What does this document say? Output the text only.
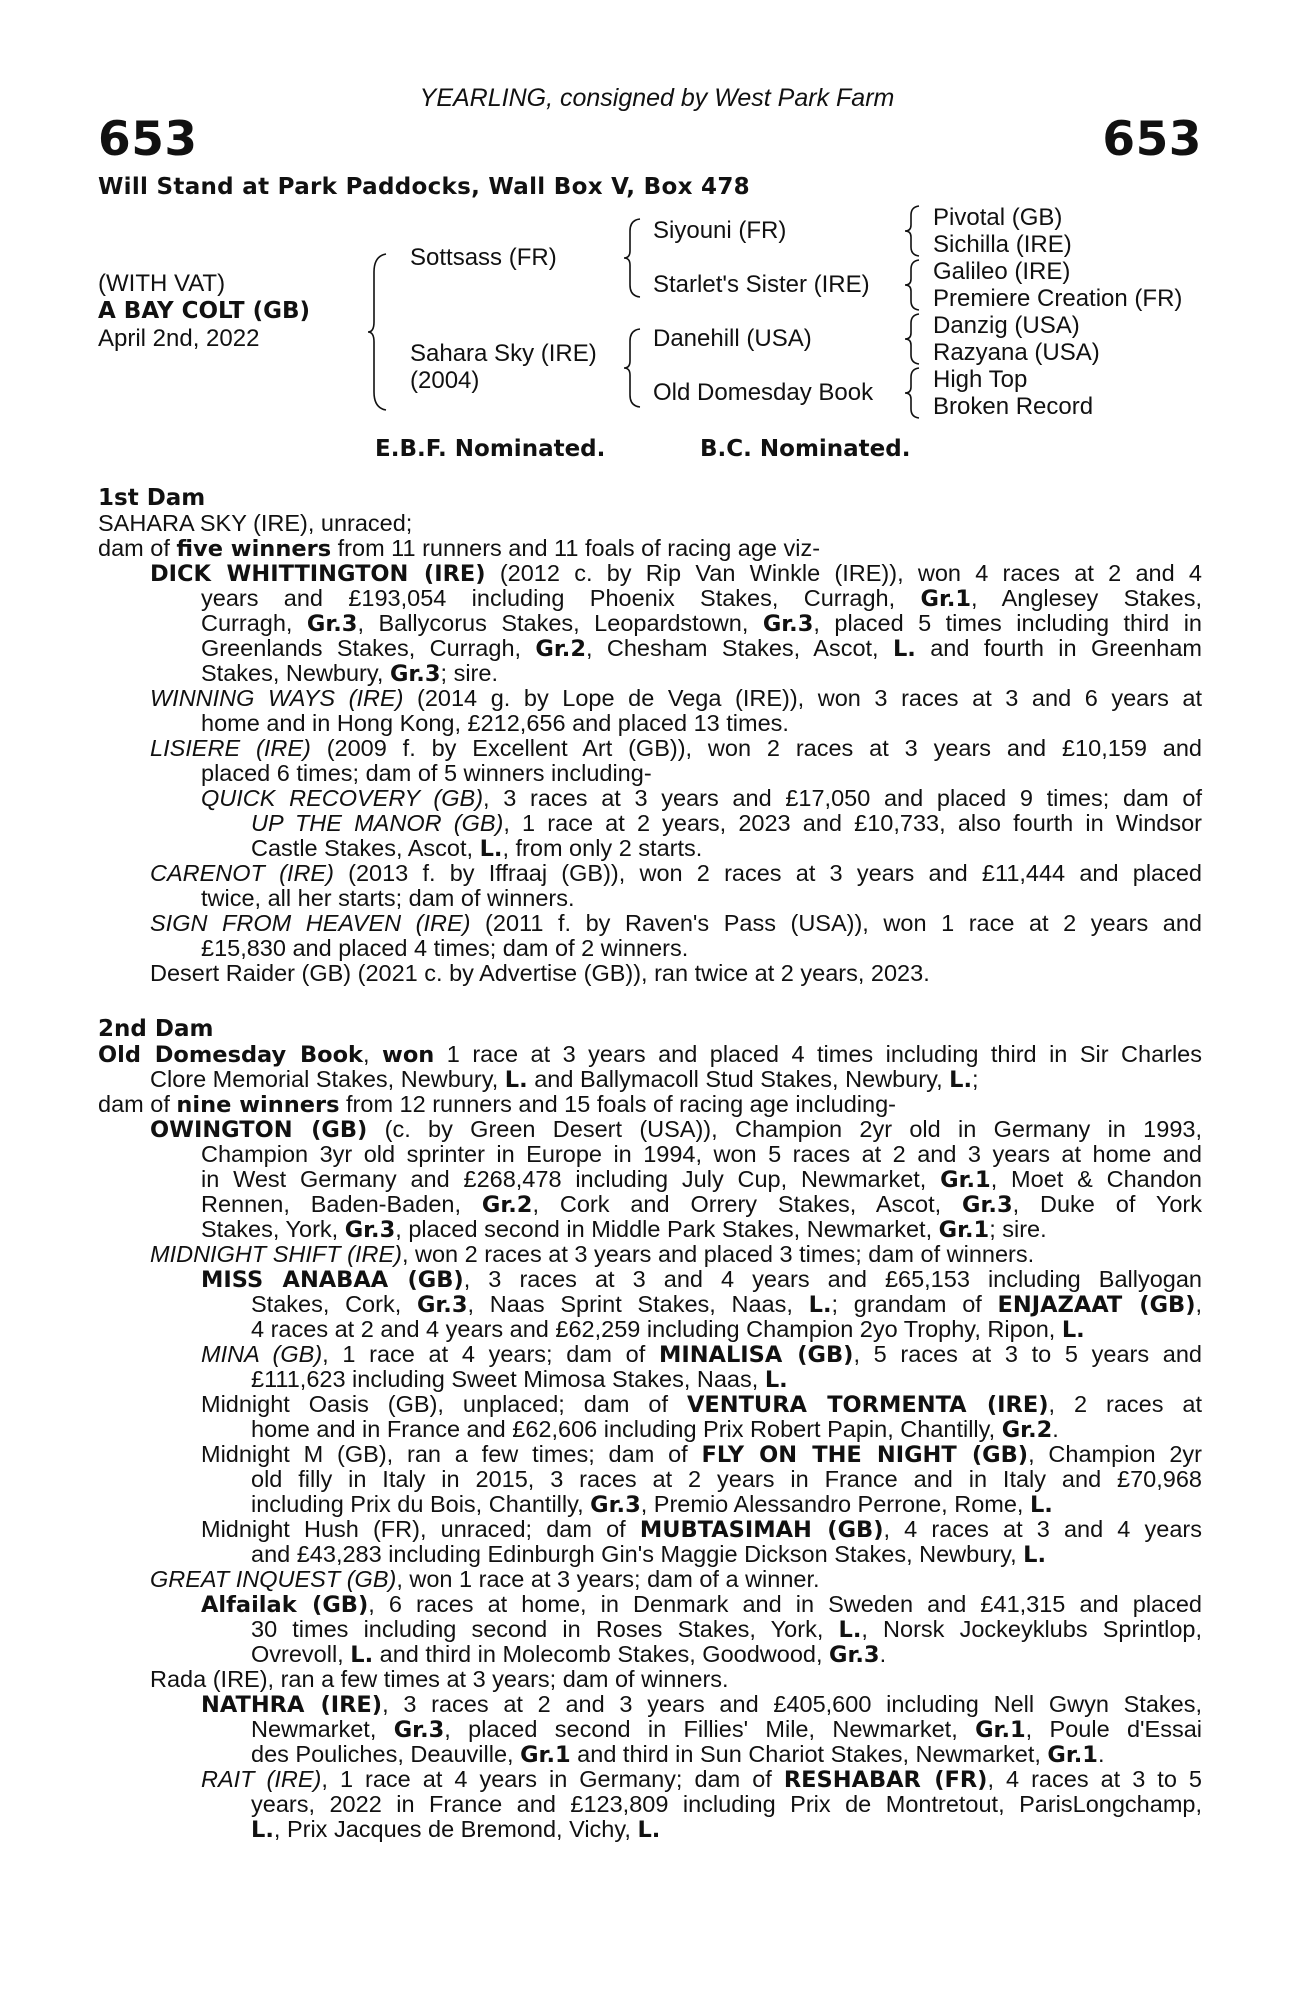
YEARLING, consigned by West Park Farm
653	653
Will Stand at Park Paddocks, Wall Box V, Box 478
(WITH VAT)
A BAY COLT (GB)
April 2nd, 2022
Sottsass (FR)
Sahara Sky (IRE)
(2004)
Siyouni (FR)
Starlet's Sister (IRE)
Danehill (USA)
Old Domesday Book
Pivotal (GB)
Sichilla (IRE)
Galileo (IRE)
Premiere Creation (FR)
Danzig (USA)
Razyana (USA)
High Top
Broken Record
E.B.F. Nominated.	B.C. Nominated.
1st Dam
SAHARA SKY (IRE), unraced;
dam of five winners from 11 runners and 11 foals of racing age viz-
DICK WHITTINGTON (IRE) (2012 c. by Rip Van Winkle (IRE)), won 4 races at 2 and 4
years and £193,054 including Phoenix Stakes, Curragh, Gr.1, Anglesey Stakes,
Curragh, Gr.3, Ballycorus Stakes, Leopardstown, Gr.3, placed 5 times including third in
Greenlands Stakes, Curragh, Gr.2, Chesham Stakes, Ascot, L. and fourth in Greenham
Stakes, Newbury, Gr.3; sire.
WINNING WAYS (IRE) (2014 g. by Lope de Vega (IRE)), won 3 races at 3 and 6 years at
home and in Hong Kong, £212,656 and placed 13 times.
LISIERE (IRE) (2009 f. by Excellent Art (GB)), won 2 races at 3 years and £10,159 and
placed 6 times; dam of 5 winners including-
QUICK RECOVERY (GB), 3 races at 3 years and £17,050 and placed 9 times; dam of
UP THE MANOR (GB), 1 race at 2 years, 2023 and £10,733, also fourth in Windsor
Castle Stakes, Ascot, L., from only 2 starts.
CARENOT (IRE) (2013 f. by Iffraaj (GB)), won 2 races at 3 years and £11,444 and placed
twice, all her starts; dam of winners.
SIGN FROM HEAVEN (IRE) (2011 f. by Raven's Pass (USA)), won 1 race at 2 years and
£15,830 and placed 4 times; dam of 2 winners.
Desert Raider (GB) (2021 c. by Advertise (GB)), ran twice at 2 years, 2023.
2nd Dam
Old Domesday Book, won 1 race at 3 years and placed 4 times including third in Sir Charles
Clore Memorial Stakes, Newbury, L. and Ballymacoll Stud Stakes, Newbury, L.;
dam of nine winners from 12 runners and 15 foals of racing age including-
OWINGTON (GB) (c. by Green Desert (USA)), Champion 2yr old in Germany in 1993,
Champion 3yr old sprinter in Europe in 1994, won 5 races at 2 and 3 years at home and
in West Germany and £268,478 including July Cup, Newmarket, Gr.1, Moet & Chandon
Rennen, Baden-Baden, Gr.2, Cork and Orrery Stakes, Ascot, Gr.3, Duke of York
Stakes, York, Gr.3, placed second in Middle Park Stakes, Newmarket, Gr.1; sire.
MIDNIGHT SHIFT (IRE), won 2 races at 3 years and placed 3 times; dam of winners.
MISS ANABAA (GB), 3 races at 3 and 4 years and £65,153 including Ballyogan
Stakes, Cork, Gr.3, Naas Sprint Stakes, Naas, L.; grandam of ENJAZAAT (GB),
4 races at 2 and 4 years and £62,259 including Champion 2yo Trophy, Ripon, L.
MINA (GB), 1 race at 4 years; dam of MINALISA (GB), 5 races at 3 to 5 years and
£111,623 including Sweet Mimosa Stakes, Naas, L.
Midnight Oasis (GB), unplaced; dam of VENTURA TORMENTA (IRE), 2 races at
home and in France and £62,606 including Prix Robert Papin, Chantilly, Gr.2.
Midnight M (GB), ran a few times; dam of FLY ON THE NIGHT (GB), Champion 2yr
old filly in Italy in 2015, 3 races at 2 years in France and in Italy and £70,968
including Prix du Bois, Chantilly, Gr.3, Premio Alessandro Perrone, Rome, L.
Midnight Hush (FR), unraced; dam of MUBTASIMAH (GB), 4 races at 3 and 4 years
and £43,283 including Edinburgh Gin's Maggie Dickson Stakes, Newbury, L.
GREAT INQUEST (GB), won 1 race at 3 years; dam of a winner.
Alfailak (GB), 6 races at home, in Denmark and in Sweden and £41,315 and placed
30 times including second in Roses Stakes, York, L., Norsk Jockeyklubs Sprintlop,
Ovrevoll, L. and third in Molecomb Stakes, Goodwood, Gr.3.
Rada (IRE), ran a few times at 3 years; dam of winners.
NATHRA (IRE), 3 races at 2 and 3 years and £405,600 including Nell Gwyn Stakes,
Newmarket, Gr.3, placed second in Fillies' Mile, Newmarket, Gr.1, Poule d'Essai
des Pouliches, Deauville, Gr.1 and third in Sun Chariot Stakes, Newmarket, Gr.1.
RAIT (IRE), 1 race at 4 years in Germany; dam of RESHABAR (FR), 4 races at 3 to 5
years, 2022 in France and £123,809 including Prix de Montretout, ParisLongchamp,
L., Prix Jacques de Bremond, Vichy, L.
